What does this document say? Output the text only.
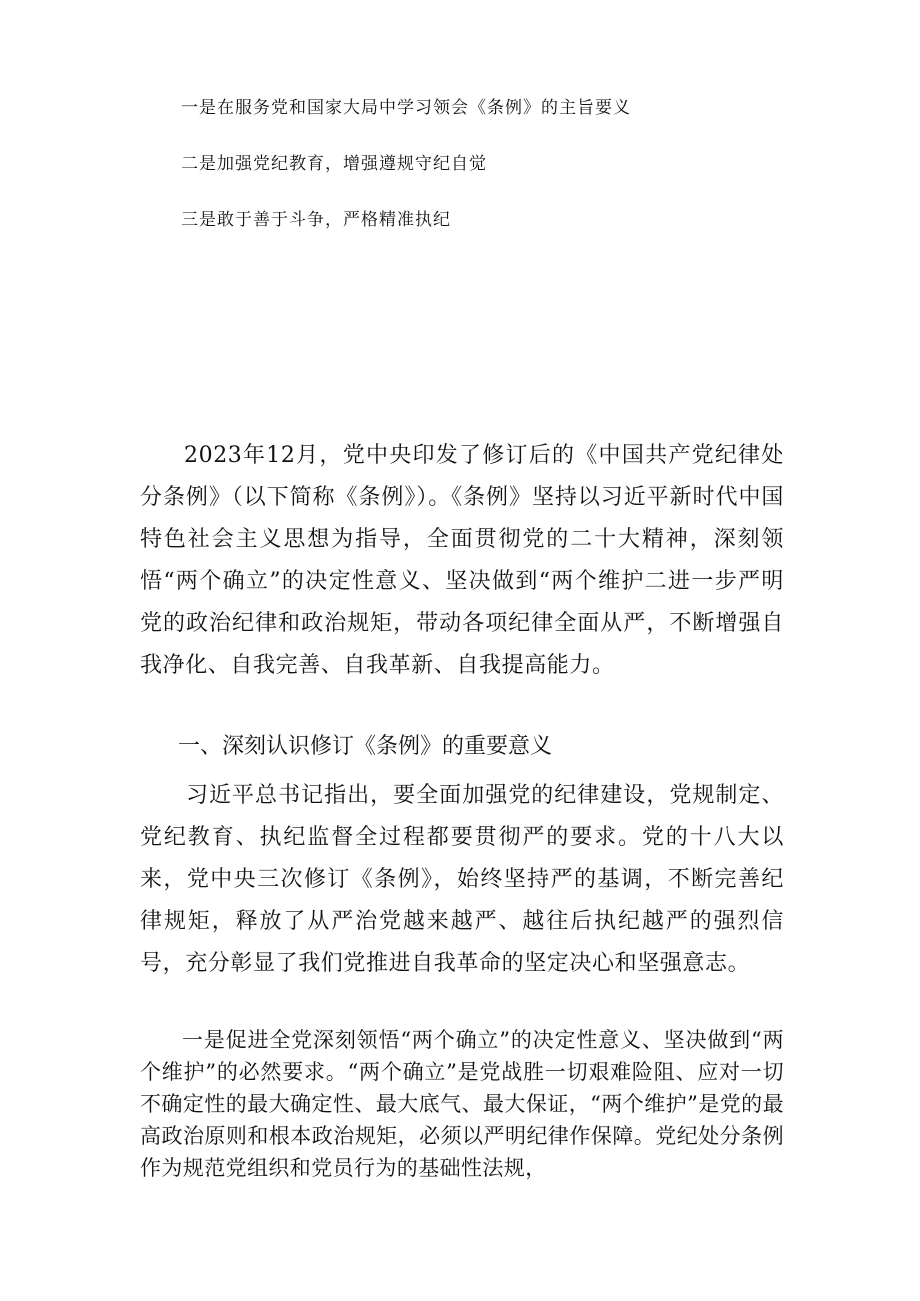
一是在服务党和国家大局中学习领会《条例》的主旨要义
二是加强党纪教育，增强遵规守纪自觉
三是敢于善于斗争，严格精准执纪

2023年12月，党中央印发了修订后的《中国共产党纪律处分条例》（以下简称《条例》）。《条例》坚持以习近平新时代中国特色社会主义思想为指导，全面贯彻党的二十大精神，深刻领悟“两个确立”的决定性意义、坚决做到“两个维护二进一步严明党的政治纪律和政治规矩，带动各项纪律全面从严，不断增强自我净化、自我完善、自我革新、自我提高能力。

一、深刻认识修订《条例》的重要意义

习近平总书记指出，要全面加强党的纪律建设，党规制定、党纪教育、执纪监督全过程都要贯彻严的要求。党的十八大以来，党中央三次修订《条例》，始终坚持严的基调，不断完善纪律规矩，释放了从严治党越来越严、越往后执纪越严的强烈信号，充分彰显了我们党推进自我革命的坚定决心和坚强意志。

一是促进全党深刻领悟“两个确立”的决定性意义、坚决做到“两个维护”的必然要求。“两个确立”是党战胜一切艰难险阻、应对一切不确定性的最大确定性、最大底气、最大保证，“两个维护”是党的最高政治原则和根本政治规矩，必须以严明纪律作保障。党纪处分条例作为规范党组织和党员行为的基础性法规，
